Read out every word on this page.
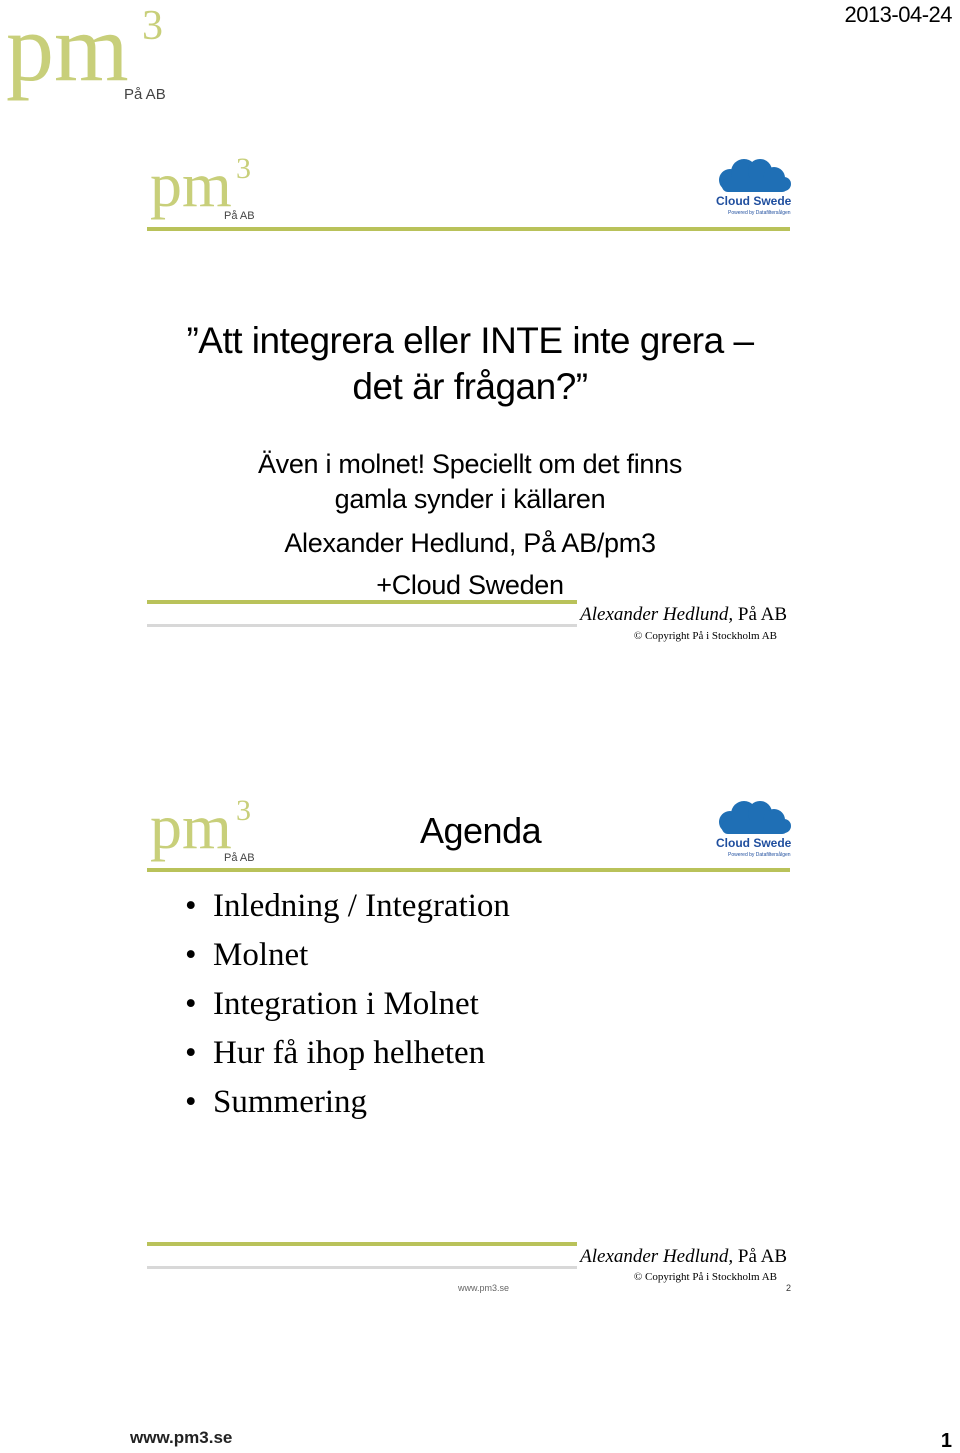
2013-04-24
pm 3
På AB
pm 3
På AB
Cloud Sweden
Powered by Datafiltersålgen
”Att integrera eller INTE inte grera –
det är frågan?”
Även i molnet! Speciellt om det finns
gamla synder i källaren
Alexander Hedlund, På AB/pm3
+Cloud Sweden
Alexander Hedlund, På AB
© Copyright På i Stockholm AB
pm 3
På AB
Agenda	Cloud Sweden
Powered by Datafiltersålgen
• Inledning / Integration
• Molnet
• Integration i Molnet
• Hur få ihop helheten
• Summering
Alexander Hedlund, På AB
© Copyright På i Stockholm AB
www.pm3.se	2
www.pm3.se	1
